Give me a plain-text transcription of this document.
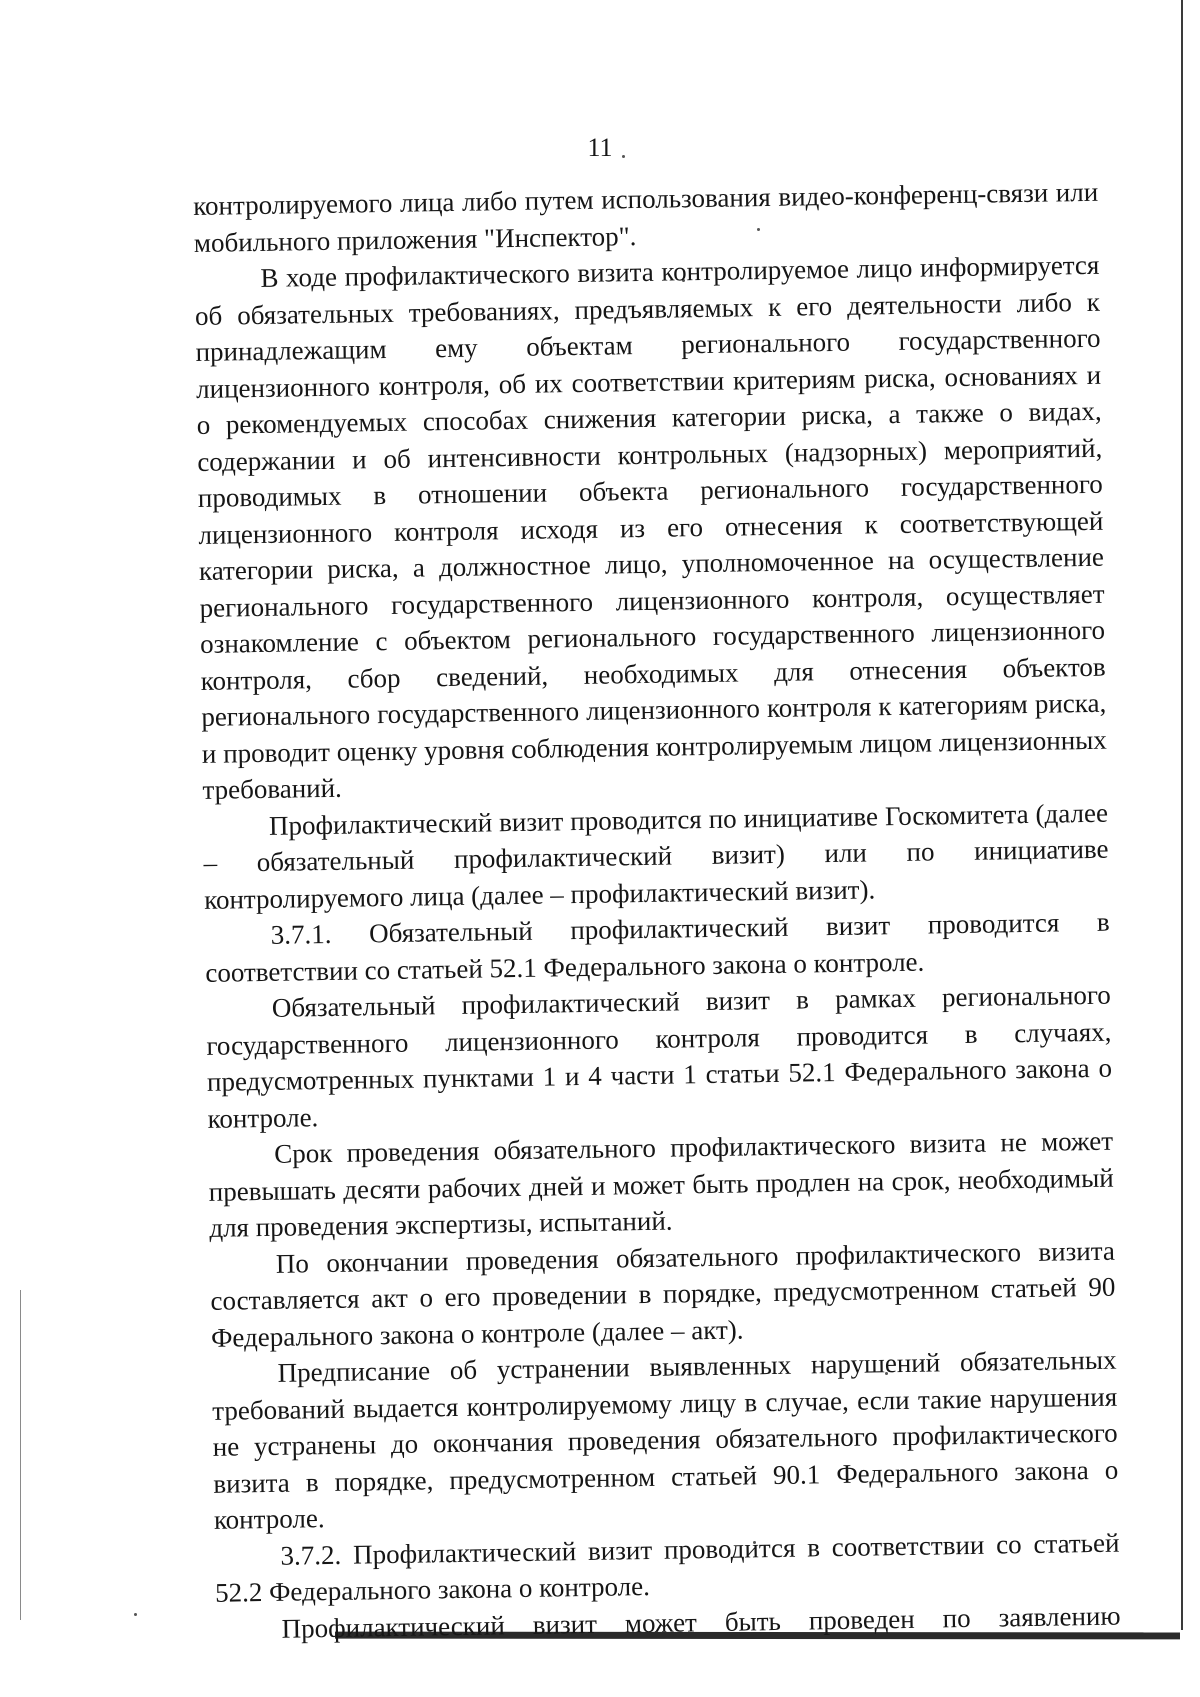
11

контролируемого лица либо путем использования видео-конференц-связи или мобильного приложения "Инспектор".

В ходе профилактического визита контролируемое лицо информируется об обязательных требованиях, предъявляемых к его деятельности либо к принадлежащим ему объектам регионального государственного лицензионного контроля, об их соответствии критериям риска, основаниях и о рекомендуемых способах снижения категории риска, а также о видах, содержании и об интенсивности контрольных (надзорных) мероприятий, проводимых в отношении объекта регионального государственного лицензионного контроля исходя из его отнесения к соответствующей категории риска, а должностное лицо, уполномоченное на осуществление регионального государственного лицензионного контроля, осуществляет ознакомление с объектом регионального государственного лицензионного контроля, сбор сведений, необходимых для отнесения объектов регионального государственного лицензионного контроля к категориям риска, и проводит оценку уровня соблюдения контролируемым лицом лицензионных требований.

Профилактический визит проводится по инициативе Госкомитета (далее – обязательный профилактический визит) или по инициативе контролируемого лица (далее – профилактический визит).

3.7.1. Обязательный профилактический визит проводится в соответствии со статьей 52.1 Федерального закона о контроле.

Обязательный профилактический визит в рамках регионального государственного лицензионного контроля проводится в случаях, предусмотренных пунктами 1 и 4 части 1 статьи 52.1 Федерального закона о контроле.

Срок проведения обязательного профилактического визита не может превышать десяти рабочих дней и может быть продлен на срок, необходимый для проведения экспертизы, испытаний.

По окончании проведения обязательного профилактического визита составляется акт о его проведении в порядке, предусмотренном статьей 90 Федерального закона о контроле (далее – акт).

Предписание об устранении выявленных нарушений обязательных требований выдается контролируемому лицу в случае, если такие нарушения не устранены до окончания проведения обязательного профилактического визита в порядке, предусмотренном статьей 90.1 Федерального закона о контроле.

3.7.2. Профилактический визит проводится в соответствии со статьей 52.2 Федерального закона о контроле.

Профилактический визит может быть проведен по заявлению
